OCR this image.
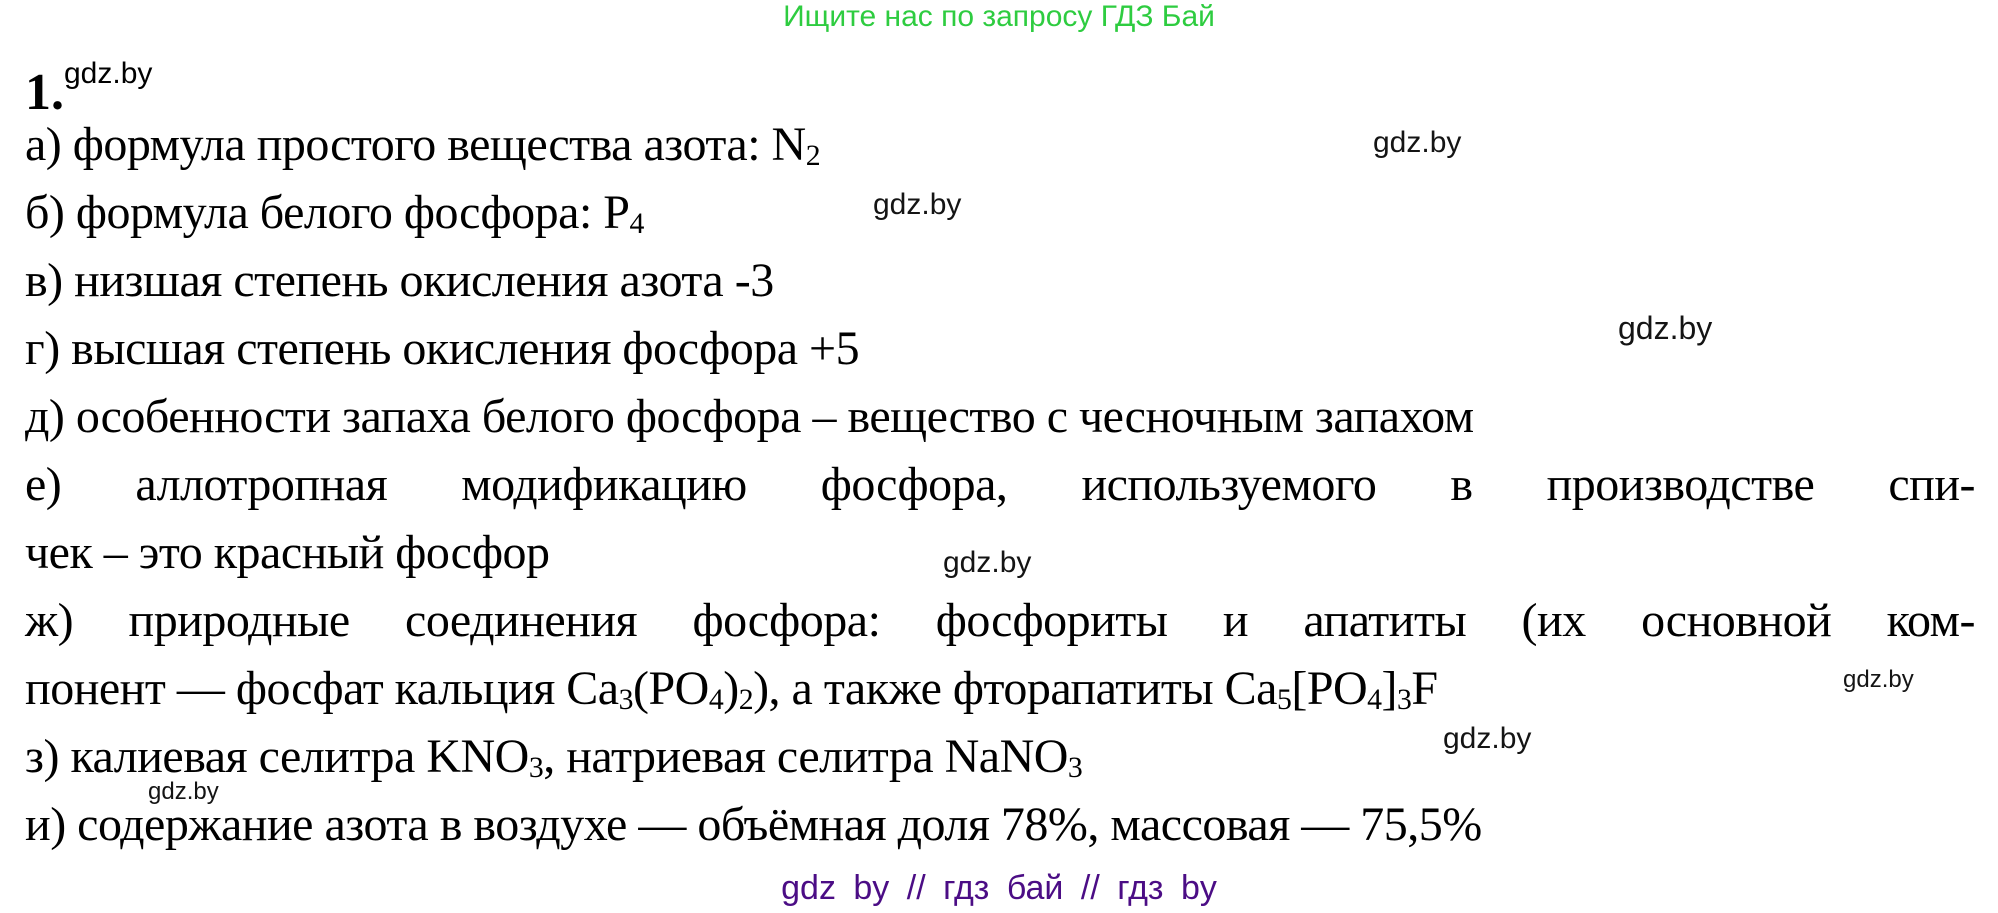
Ищите нас по запросу ГДЗ Бай
1.gdz.by
а) формула простого вещества азота: $N_2$
б) формула белого фосфора: $Р_4$
в) низшая степень окисления азота -3
г) высшая степень окисления фосфора +5
д) особенности запаха белого фосфора – вещество с чесночным запахом
е) аллотропная модификацию фосфора, используемого в производстве спи-
чек – это красный фосфор
ж) природные соединения фосфора: фосфориты и апатиты (их основной ком-
понент — фосфат кальция $Ca_3(PO_4)_2$), а также фторапатиты $Ca_5[PO_4]_3F$
з) калиевая селитра $KNO_3$, натриевая селитра NaNO$_3$
и) содержание азота в воздухе — объёмная доля 78%, массовая — 75,5%
gdz.by
gdz.by
gdz.by
gdz.by
gdz.by
gdz.by
gdz.by
gdz by // гдз бай // гдз by
